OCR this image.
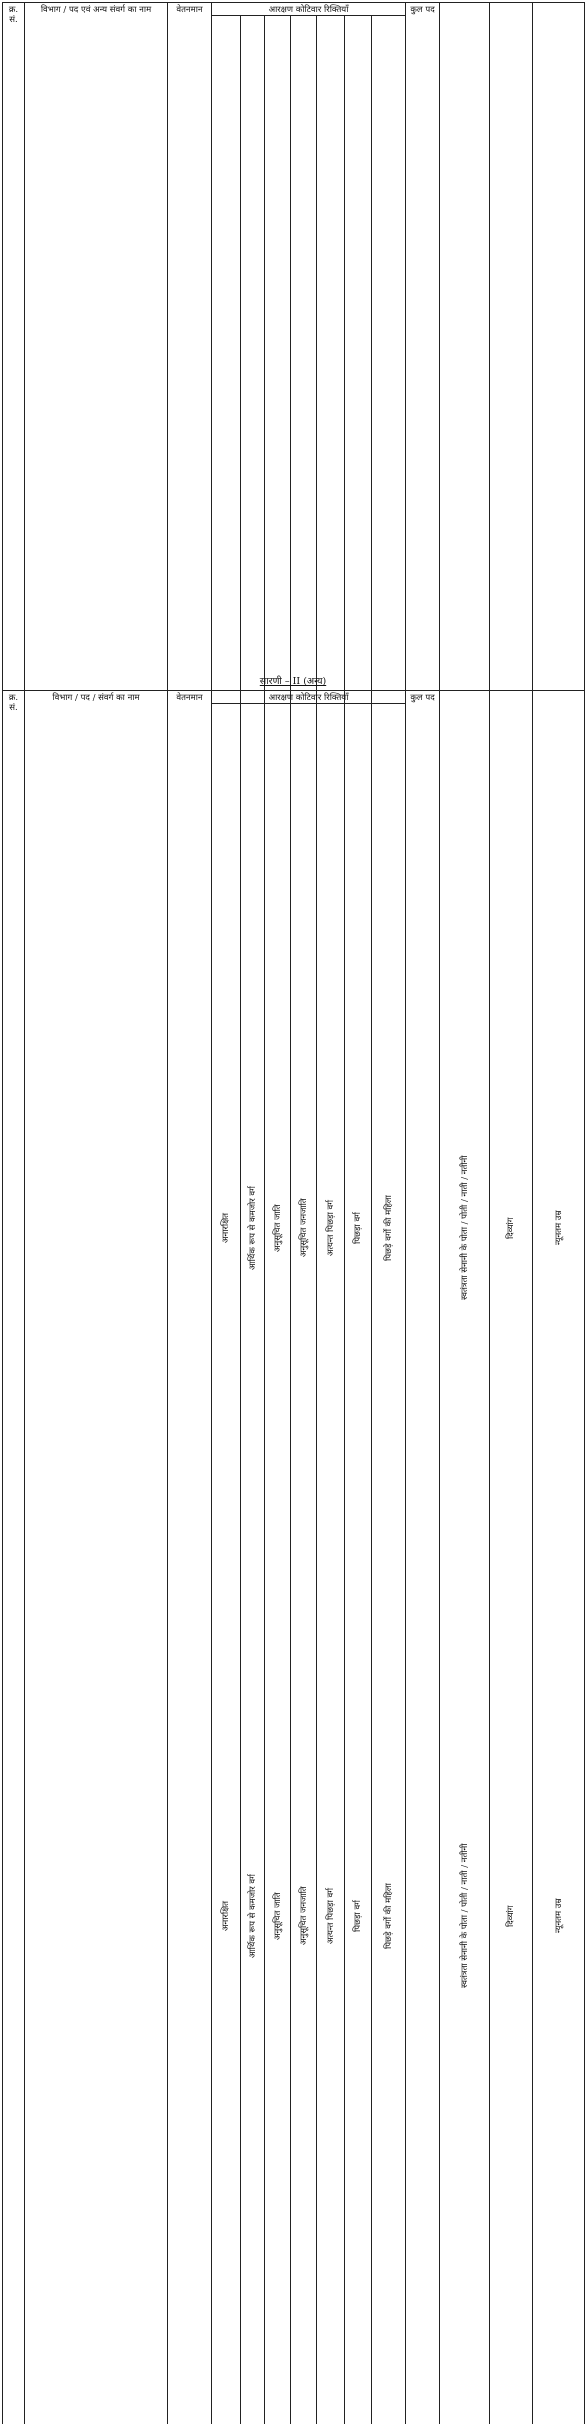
क्र. सं.	विभाग / पद एवं अन्य संवर्ग का नाम	वेतनमान	आरक्षण कोटिवार रिक्तियाँ							कुल पद	स्वतंत्रता सेनानी के पोता / पोती / नाती / नतीनी	दिव्यांग	न्यूनतम उम्र

			अनारक्षित	आर्थिक रूप से कमजोर वर्ग	अनुसूचित जाति	अनुसूचित जनजाति	अत्यन्त पिछड़ा वर्ग	पिछड़ा वर्ग	पिछड़े वर्गों की महिला				

सारणी – II (अन्य)
क्र. सं.	विभाग / पद / संवर्ग का नाम	वेतनमान	आरक्षण कोटिवार रिक्तियाँ							कुल पद	स्वतंत्रता सेनानी के पोता / पोती / नाती / नतीनी	दिव्यांग	न्यूनतम उम्र

			अनारक्षित	आर्थिक रूप से कमजोर वर्ग	अनुसूचित जाति	अनुसूचित जनजाति	अत्यन्त पिछड़ा वर्ग	पिछड़ा वर्ग	पिछड़े वर्गों की महिला				
